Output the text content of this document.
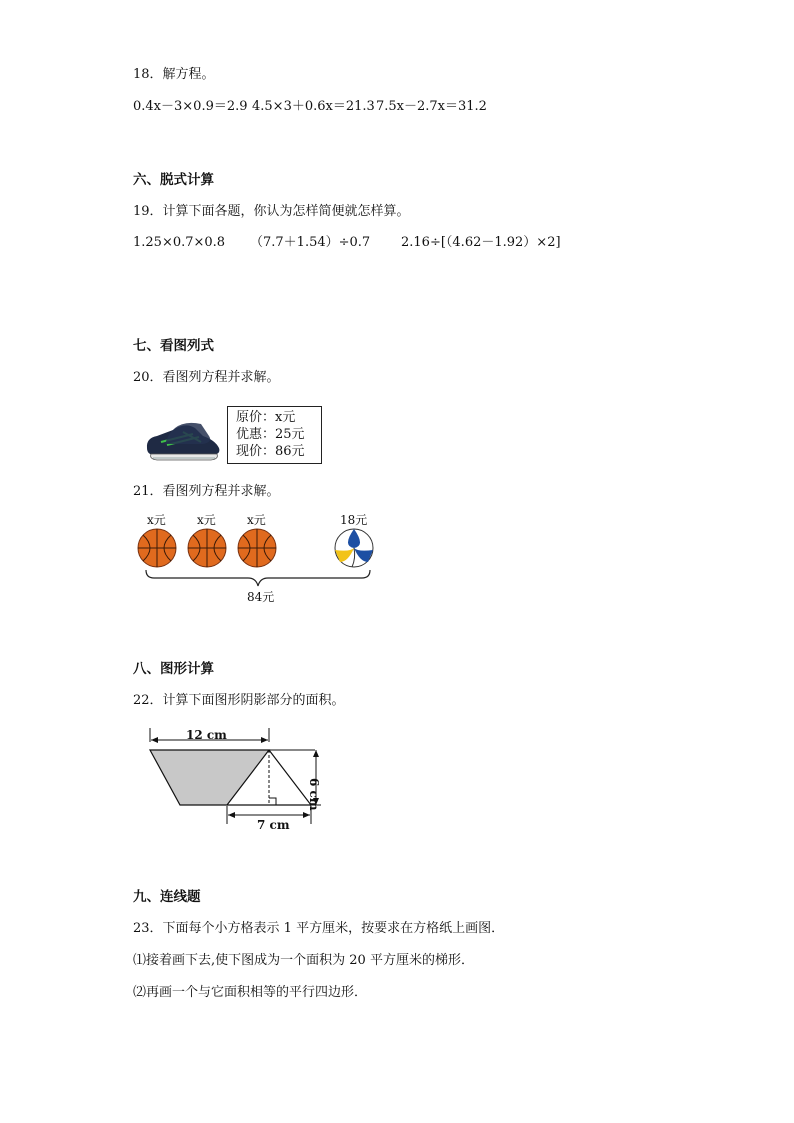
18．解方程。
0.4x－3×0.9＝2.9 4.5×3＋0.6x＝21.3 7.5x－2.7x＝31.2
六、脱式计算
19．计算下面各题，你认为怎样简便就怎样算。
1.25×0.7×0.8 （7.7＋1.54）÷0.7 2.16÷[（4.62－1.92）×2]
七、看图列式
20．看图列方程并求解。
原价：x元
优惠：25元
现价：86元
21．看图列方程并求解。
x元	x元	x元	18元
84元
八、图形计算
22．计算下面图形阴影部分的面积。
12 cm
6 cm
7 cm
九、连线题
23．下面每个小方格表示 1 平方厘米，按要求在方格纸上画图．
⑴接着画下去,使下图成为一个面积为 20 平方厘米的梯形．
⑵再画一个与它面积相等的平行四边形．
